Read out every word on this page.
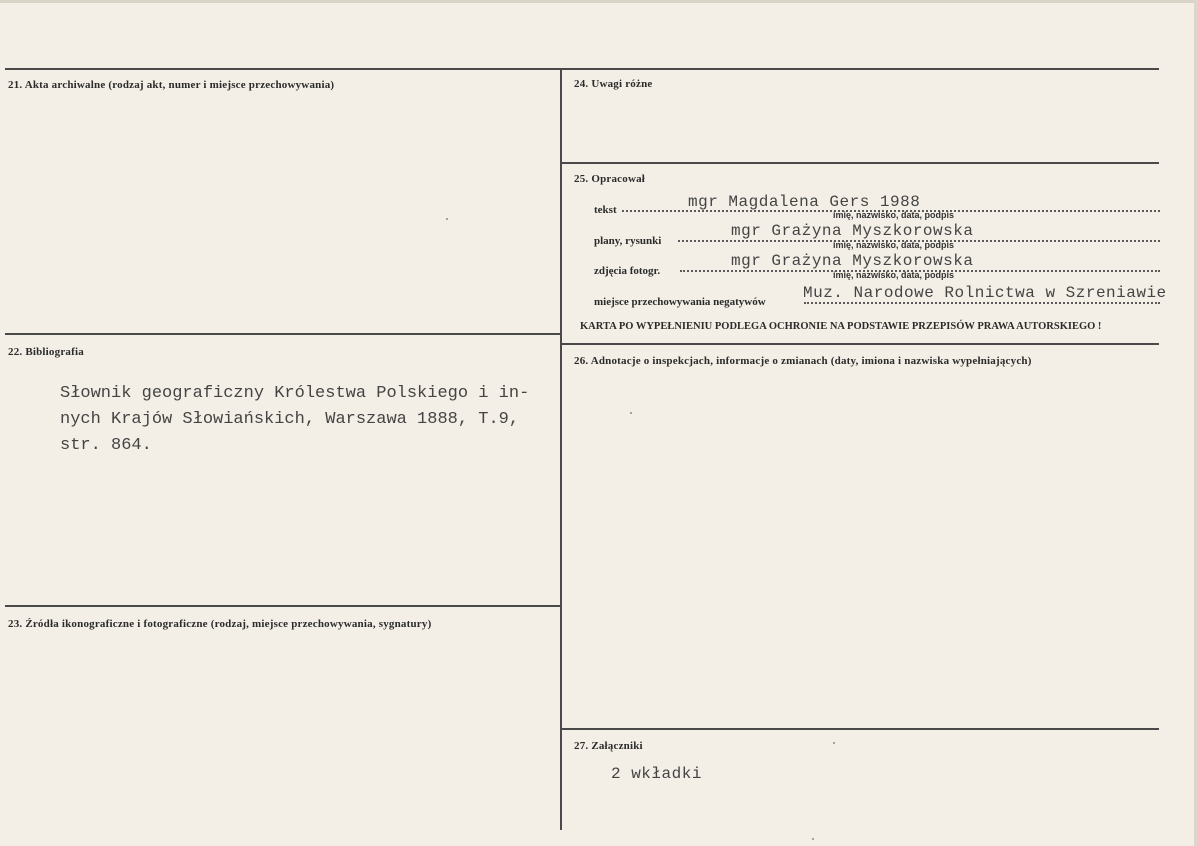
21. Akta archiwalne (rodzaj akt, numer i miejsce przechowywania)
22. Bibliografia
Słownik geograficzny Królestwa Polskiego i in-
nych Krajów Słowiańskich, Warszawa 1888, T.9,
str. 864.
23. Źródła ikonograficzne i fotograficzne (rodzaj, miejsce przechowywania, sygnatury)
24. Uwagi różne
25. Opracował
tekst	mgr Magdalena Gers 1988
imię, nazwisko, data, podpis
plany, rysunki
mgr Grażyna Myszkorowska
imię, nazwisko, data, podpis
zdjęcia fotogr.
mgr Grażyna Myszkorowska
imię, nazwisko, data, podpis
miejsce przechowywania negatywów Muz. Narodowe Rolnictwa w Szreniawie
KARTA PO WYPEŁNIENIU PODLEGA OCHRONIE NA PODSTAWIE PRZEPISÓW PRAWA AUTORSKIEGO !
26. Adnotacje o inspekcjach, informacje o zmianach (daty, imiona i nazwiska wypełniających)
27. Załączniki
2 wkładki
